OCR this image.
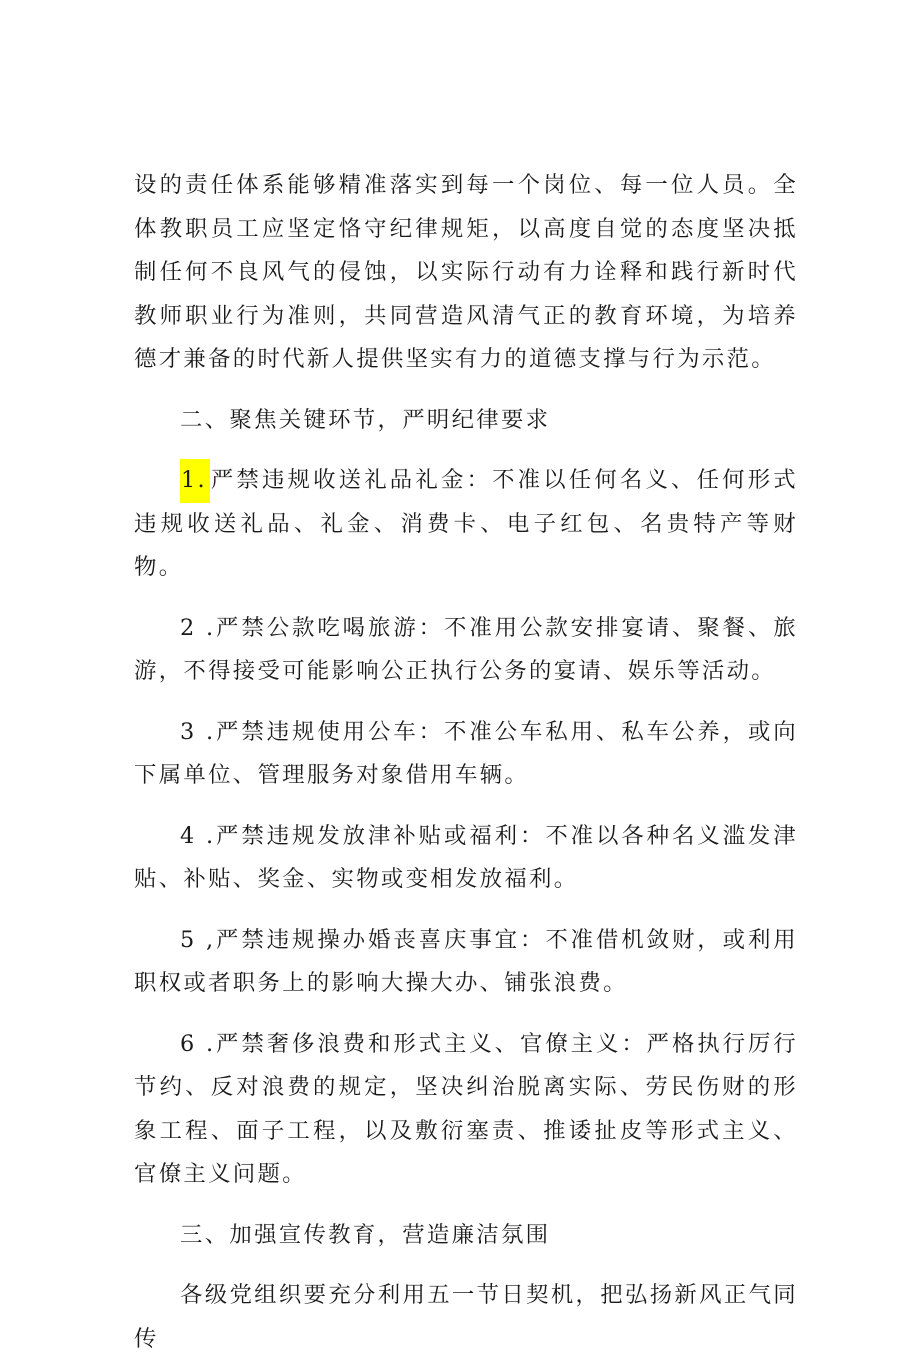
设的责任体系能够精准落实到每一个岗位、每一位人员。全体教职员工应坚定恪守纪律规矩，以高度自觉的态度坚决抵制任何不良风气的侵蚀，以实际行动有力诠释和践行新时代教师职业行为准则，共同营造风清气正的教育环境，为培养德才兼备的时代新人提供坚实有力的道德支撑与行为示范。

二、聚焦关键环节，严明纪律要求

1. 严禁违规收送礼品礼金：不准以任何名义、任何形式违规收送礼品、礼金、消费卡、电子红包、名贵特产等财物。

2 .严禁公款吃喝旅游：不准用公款安排宴请、聚餐、旅游，不得接受可能影响公正执行公务的宴请、娱乐等活动。

3 .严禁违规使用公车：不准公车私用、私车公养，或向下属单位、管理服务对象借用车辆。

4 .严禁违规发放津补贴或福利：不准以各种名义滥发津贴、补贴、奖金、实物或变相发放福利。

5 ,严禁违规操办婚丧喜庆事宜：不准借机敛财，或利用职权或者职务上的影响大操大办、铺张浪费。

6 .严禁奢侈浪费和形式主义、官僚主义：严格执行厉行节约、反对浪费的规定，坚决纠治脱离实际、劳民伤财的形象工程、面子工程，以及敷衍塞责、推诿扯皮等形式主义、官僚主义问题。

三、加强宣传教育，营造廉洁氛围

各级党组织要充分利用五一节日契机，把弘扬新风正气同传
